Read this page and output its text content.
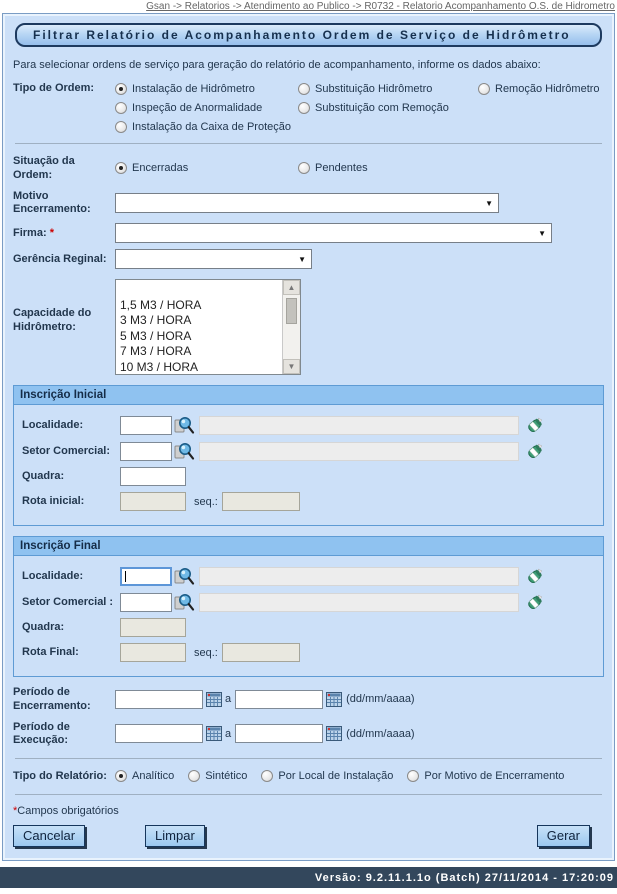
Gsan -> Relatorios -> Atendimento ao Publico -> R0732 - Relatorio Acompanhamento O.S. de Hidrometro
Filtrar Relatório de Acompanhamento Ordem de Serviço de Hidrômetro
Para selecionar ordens de serviço para geração do relatório de acompanhamento, informe os dados abaixo:
Tipo de Ordem:	Instalação de Hidrômetro	Substituição Hidrômetro	Remoção Hidrômetro
Inspeção de Anormalidade	Substituição com Remoção
Instalação da Caixa de Proteção
Situação da Ordem:
Encerradas	Pendentes
Motivo Encerramento:
▼
Firma: *
▼
Gerência Reginal:
▼
Capacidade do Hidrômetro:

1,5 M3 / HORA
3 M3 / HORA
5 M3 / HORA
7 M3 / HORA
10 M3 / HORA
▲
▼
Inscrição Inicial
Localidade:
Setor Comercial:
Quadra:
Rota inicial:	seq.:
Inscrição Final
Localidade:
Setor Comercial :
Quadra:
Rota Final:	seq.:
Período de Encerramento:
a	(dd/mm/aaaa)
Período de Execução:
a	(dd/mm/aaaa)
Tipo do Relatório:	Analítico	Sintético	Por Local de Instalação	Por Motivo de Encerramento
*Campos obrigatórios
Cancelar	Limpar	Gerar
Versão: 9.2.11.1.1o (Batch) 27/11/2014 - 17:20:09
